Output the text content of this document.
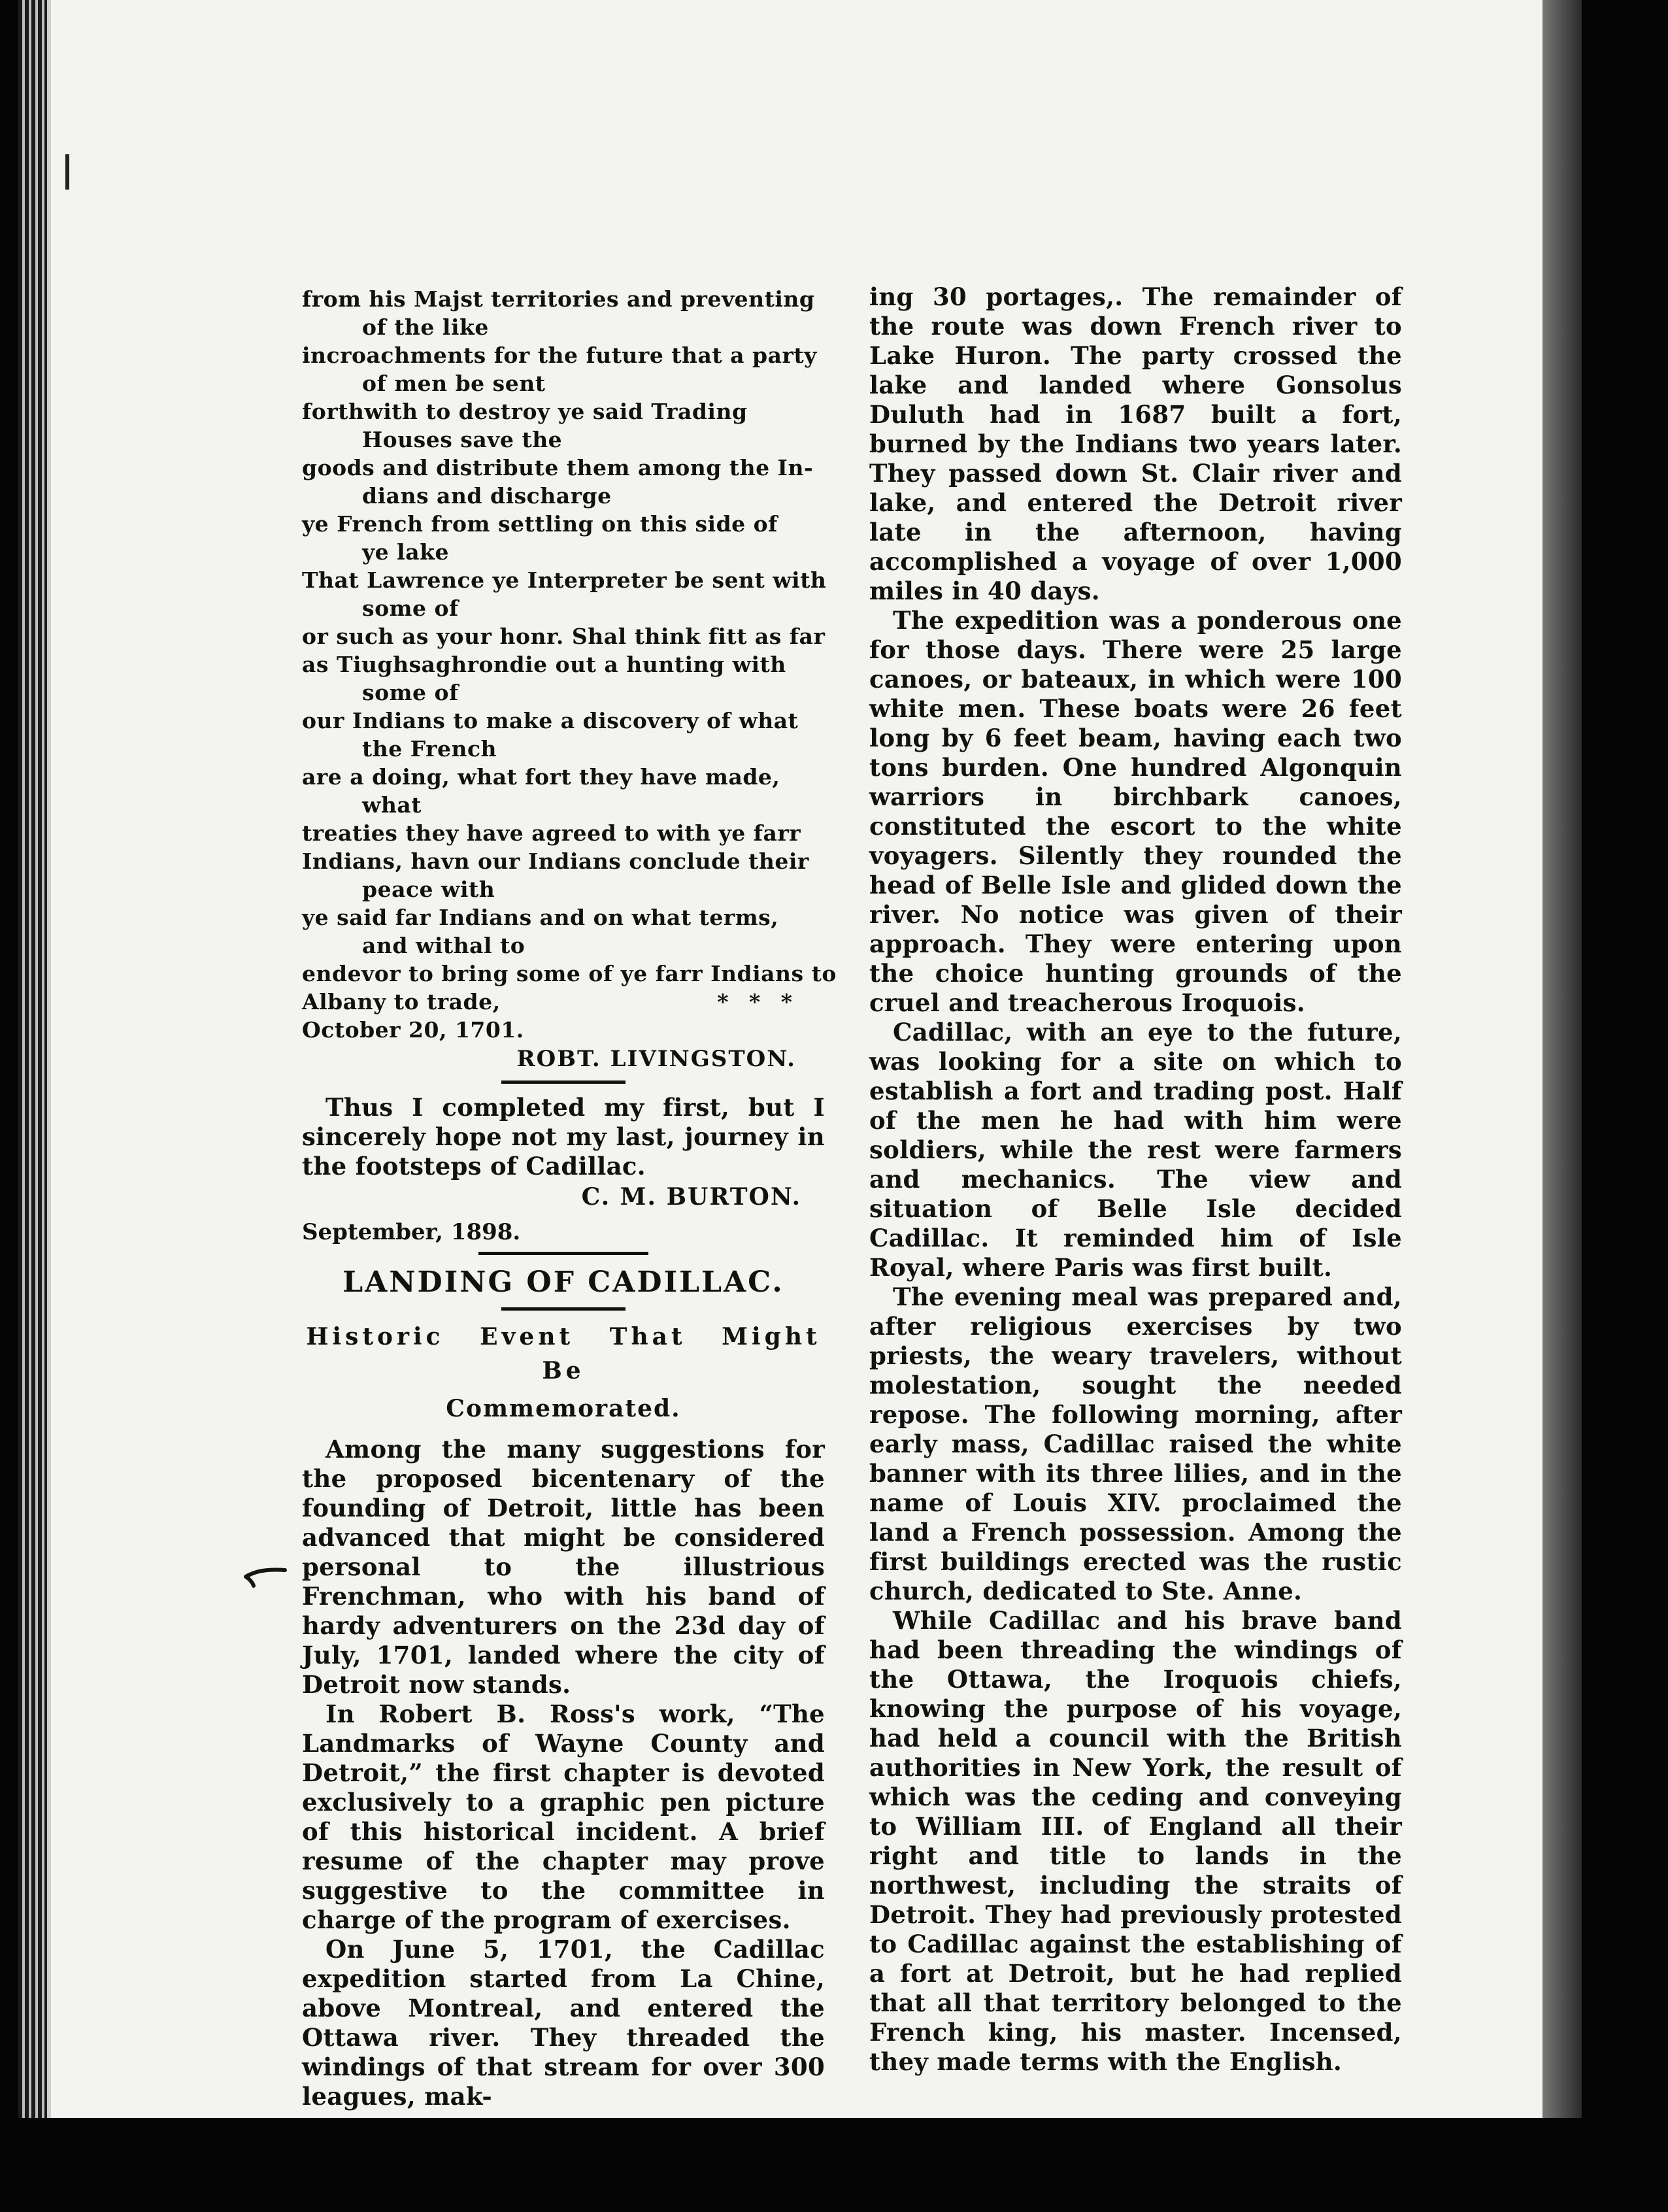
from his Majst territories and preventing

of the like

incroachments for the future that a party

of men be sent

forthwith to destroy ye said Trading

Houses save the

goods and distribute them among the In-

dians and discharge

ye French from settling on this side of

ye lake

That Lawrence ye Interpreter be sent with

some of

or such as your honr. Shal think fitt as far

as Tiughsaghrondie out a hunting with

some of

our Indians to make a discovery of what

the French

are a doing, what fort they have made,

what

treaties they have agreed to with ye farr

Indians, havn our Indians conclude their

peace with

ye said far Indians and on what terms,

and withal to

endevor to bring some of ye farr Indians to

Albany to trade,	* * *

October 20, 1701.

ROBT. LIVINGSTON.

Thus I completed my first, but I sincerely hope not my last, journey in the footsteps of Cadillac.

C. M. BURTON.

September, 1898.

LANDING OF CADILLAC.

Historic Event That Might Be

Commemorated.

Among the many suggestions for the proposed bicentenary of the founding of Detroit, little has been advanced that might be considered personal to the illustrious Frenchman, who with his band of hardy adventurers on the 23d day of July, 1701, landed where the city of Detroit now stands.

In Robert B. Ross's work, “The Landmarks of Wayne County and Detroit,” the first chapter is devoted exclusively to a graphic pen picture of this historical incident. A brief resume of the chapter may prove suggestive to the committee in charge of the program of exercises.

On June 5, 1701, the Cadillac expedition started from La Chine, above Montreal, and entered the Ottawa river. They threaded the windings of that stream for over 300 leagues, mak-

ing 30 portages,. The remainder of the route was down French river to Lake Huron. The party crossed the lake and landed where Gonsolus Duluth had in 1687 built a fort, burned by the Indians two years later. They passed down St. Clair river and lake, and entered the Detroit river late in the afternoon, having accomplished a voyage of over 1,000 miles in 40 days.

The expedition was a ponderous one for those days. There were 25 large canoes, or bateaux, in which were 100 white men. These boats were 26 feet long by 6 feet beam, having each two tons burden. One hundred Algonquin warriors in birchbark canoes, constituted the escort to the white voyagers. Silently they rounded the head of Belle Isle and glided down the river. No notice was given of their approach. They were entering upon the choice hunting grounds of the cruel and treacherous Iroquois.

Cadillac, with an eye to the future, was looking for a site on which to establish a fort and trading post. Half of the men he had with him were soldiers, while the rest were farmers and mechanics. The view and situation of Belle Isle decided Cadillac. It reminded him of Isle Royal, where Paris was first built.

The evening meal was prepared and, after religious exercises by two priests, the weary travelers, without molestation, sought the needed repose. The following morning, after early mass, Cadillac raised the white banner with its three lilies, and in the name of Louis XIV. proclaimed the land a French possession. Among the first buildings erected was the rustic church, dedicated to Ste. Anne.

While Cadillac and his brave band had been threading the windings of the Ottawa, the Iroquois chiefs, knowing the purpose of his voyage, had held a council with the British authorities in New York, the result of which was the ceding and conveying to William III. of England all their right and title to lands in the northwest, including the straits of Detroit. They had previously protested to Cadillac against the establishing of a fort at Detroit, but he had replied that all that territory belonged to the French king, his master. Incensed, they made terms with the English.
